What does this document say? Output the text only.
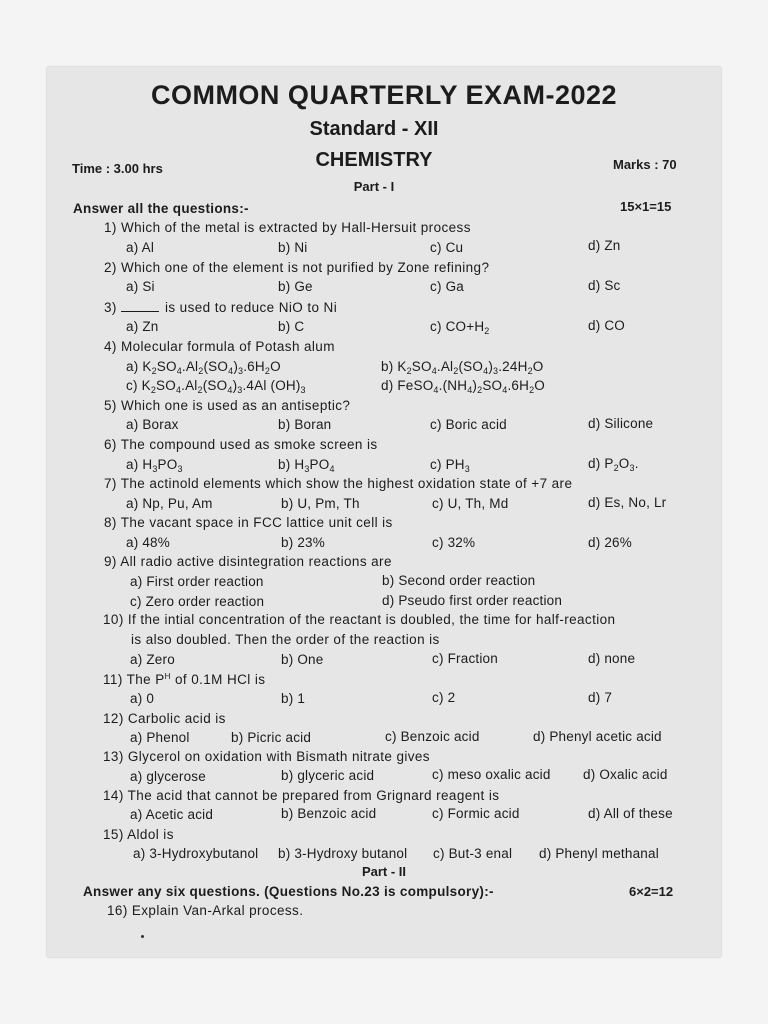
COMMON QUARTERLY EXAM-2022
Standard - XII
CHEMISTRY
Time : 3.00 hrs	Marks : 70
Part - I
Answer all the questions:-	15×1=15
1) Which of the metal is extracted by Hall-Hersuit process
a) Al	b) Ni	c) Cu	d) Zn
2) Which one of the element is not purified by Zone refining?
a) Si	b) Ge	c) Ga	d) Sc
3)	is used to reduce NiO to Ni
a) Zn	b) C	c) $CO+H_2$	d) CO
4) Molecular formula of Potash alum
a) $K_2SO_4.Al_2(SO_4)_3.6H_2O$	b) $K_2SO_4.Al_2(SO_4)_3.24H_2O$
c) $K_2SO_4.Al_2(SO_4)_3.4Al$ $(OH)_3$	d) $FeSO_4.(NH_4)_2SO_4.6H_2O$
5) Which one is used as an antiseptic?
a) Borax	b) Boran	c) Boric acid	d) Silicone
6) The compound used as smoke screen is
a) $H_3PO_3$	b) $H_3PO_4$	c) $PH_3$	d) $P_2O_3$.
7) The actinold elements which show the highest oxidation state of +7 are
a) Np, Pu, Am	b) U, Pm, Th	c) U, Th, Md	d) Es, No, Lr
8) The vacant space in FCC lattice unit cell is
a) 48%	b) 23%	c) 32%	d) 26%
9) All radio active disintegration reactions are
a) First order reaction	b) Second order reaction
c) Zero order reaction	d) Pseudo first order reaction
10) If the intial concentration of the reactant is doubled, the time for half-reaction
is also doubled. Then the order of the reaction is
a) Zero	b) One	c) Fraction	d) none
11) The $P^H$ of 0.1M HCl is
a) 0	b) 1	c) 2	d) 7
12) Carbolic acid is
a) Phenol	b) Picric acid	c) Benzoic acid	d) Phenyl acetic acid
13) Glycerol on oxidation with Bismath nitrate gives
a) glycerose	b) glyceric acid	c) meso oxalic acid d) Oxalic acid
14) The acid that cannot be prepared from Grignard reagent is
a) Acetic acid	b) Benzoic acid	c) Formic acid	d) All of these
15) Aldol is
a) 3-Hydroxybutanol b) 3-Hydroxy butanol c) But-3 enal d) Phenyl methanal
Part - II
Answer any six questions. (Questions No.23 is compulsory):-	6×2=12
16) Explain Van-Arkal process.
